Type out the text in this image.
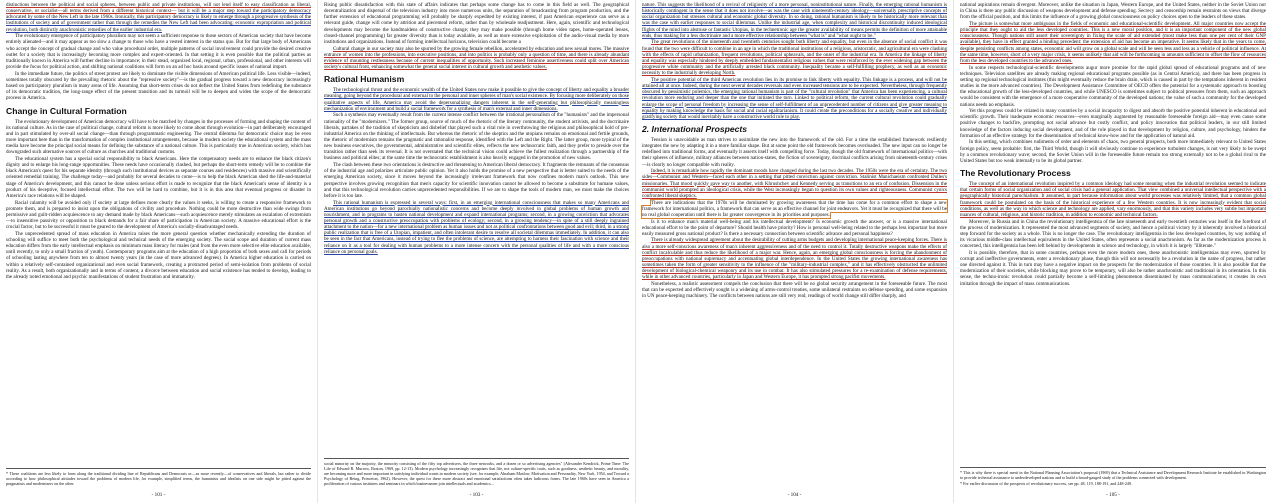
distinctions between the political and social spheres, between public and private institutions, will not lend itself to easy classification as liberal, conservative, or socialist—all terms derived from a different historical context— but it will be a major step toward the participatory democracy advocated by some of the New Left in the late 1960s. Ironically, this participatory democracy is likely to emerge through a progressive synthesis of the institutions of society and of government rather than through the remedies the New Left had been advocating: economic expropriation and political revolution, both distinctly anachronistic remedies of the earlier industrial era.

The evolutionary emergence of participatory pluralism may not seem a sufficient response to those sectors of American society that have become entirely alienated—and it may appear as too slow a change to those who have a vested interest in the status quo. But for that large body of Americans who accept the concept of gradual change and who value procedural order, multiple patterns of social involvement could provide the desired creative outlet for a society that is increasingly becoming more complex and expert-oriented. In that setting it is even possible that the political parties as traditionally known in America will further decline in importance; in their stead, organized local, regional, urban, professional, and other interests will provide the focus for political action, and shifting national coalitions will form on an ad hoc basis around specific issues of national import.

In the immediate future, the politics of street protest are likely to dominate the visible dimensions of American political life. Less visible—indeed, sometimes totally obscured by the prevailing rhetoric about the "repressive society"—is the gradual progress toward a new democracy increasingly based on participatory pluralism in many areas of life. Assuming that short-term crises do not deflect the United States from redefining the substance of its democratic tradition, the long-range effect of the present transition and its turmoil will be to deepen and widen the scope of the democratic process in America.

Change in Cultural Formation

The evolutionary development of American democracy will have to be matched by changes in the processes of forming and shaping the content of its national culture. As in the case of political change, cultural reform is more likely to come about through evolution—in part deliberately encouraged and in part stimulated by over-all social change—than through programmatic engineering. The central dilemma for democratic choice may be even more important here than in the transformation of complex institutional arrangements, because in modern society the educational system and the mass media have become the principal social means for defining the substance of a national culture. This is particularly true in American society, which has downgraded such alternative sources of culture as churches and traditional customs.

The educational system has a special social responsibility to black Americans. Here the compensatory needs are to enhance the black citizen's dignity and to enlarge his long-range opportunities. These needs have occasionally clashed, but perhaps the short-term remedy will be to combine the black American's quest for his separate identity (through such institutional devices as separate courses and residences) with massive and scientifically oriented remedial training. The challenge today—and probably for several decades to come—is to help the black American shed the life-and-material stage of America's development, and this cannot be done unless serious effort is made to recognize that the black American's sense of identity is a product of his deceptive, focused intellectual effort. The two will be hard to combine, but it is in this area that eventual progress or disaster in America's race relations will be shaped.

Racial calamity will be avoided only if society at large defines more clearly the values it seeks, is willing to create a responsive framework to promote them, and is prepared to insist upon the obligations of civility and procedure. Nothing could be more destructive than wide swings from permissive and guilt-ridden acquiescence to any demand made by black Americans—such acquiescence merely stimulates an escalation of extremism—to insensitive passivity or opposition to black demands for a fair share of participation in American society. A massive educational effort is the crucial factor, but to be successful it must be geared to the development of America's socially-disadvantaged needs.

The unprecedented spread of mass education in America raises the more general question whether mechanically extending the duration of schooling will suffice to meet both the psychological and technical needs of the emerging society. The social scope and duration of current mass education differs from the early intellectual emphasis on minimum mass literacy for males (and from the even more selective elite education available, until recently, to only a small fraction of youth). Contemporary programs aim at the education of a high proportion of both sexes and call for periods of schooling lasting anywhere from ten to almost twenty years (in the case of more advanced degrees). In America higher education is carried on within a relatively self-contained organizational and even social framework, creating a protracted period of semi-isolation from problems of social reality. As a result, both organizationally and in terms of content, a divorce between education and social existence has tended to develop, leading to the already noted emotional and psychic manifestations of student frustration and immaturity.

* These coalitions are less likely to form along the traditional dividing line of Republicans and Democrats or—as more recently—of conservatives and liberals, but rather to divide according to how philosophical attitudes toward the problems of modern life, for example, simplified terms, the humanists and idealists on one side might be pitted against the pragmatists and modernizers on the other.

- 101 -

Rising public dissatisfaction with this state of affairs indicates that perhaps some change has to come in this field as well. The geographical decentralization and dispersal of the television industry into more numerous units, the separation of broadcasting from program production, and the further extension of educational programming will probably be sharply expedited by existing interest, if past American experience can serve as a relevant guide, change will come by attrition and piecemeal reform, rather than by wholesale readjustment. Here, again, scientific and technological developments may become the handmaidens of constructive change; they may make possible (through home video tapes, home-operated lenses, closed-channel programming) far greater diversity than is today available, as well as more extensive exploitation of the audio-visual media by more institutions and organizations. Instead of forming intellectual horizons, television could become a

Cultural change in our society may also be spurred by the growing female rebellion, accelerated by education and new sexual mores. The massive entrance of women into the professions, into executive positions, and into politics is probably only a question of time, and there is already abundant evidence of mounting restlessness because of current inequalities of opportunity. Such increased feminine assertiveness could split over American society's cultural front, enhancing somewhat the general social interest in cultural growth and aesthetic values.

Rational Humanism

The technological thrust and the economic wealth of the United States now make it possible to give the concept of liberty and equality a broader meaning, going beyond the procedural and external to the personal and inner spheres of man's social existence. By focusing more deliberately on those qualitative aspects of life, America may avoid the depersonalizing dangers inherent in the self-generating but philosophically meaningless mechanization of environment and build a social framework for a synthesis of man's external and inner dimensions.

Such a synthesis may eventually result from the current intense conflict between the irrational personalism of the "humanists" and the impersonal rationality of the "modernizers." The former group, source of much of the rhetoric of the literary community, the student activists, and the doctrinaire liberals, partakes of the tradition of skepticism and disbelief that played such a vital role in overthrowing the religious and philosophical hold of pre-industrial America on the thinking of intellectuals. But whereas the rhetoric of the skeptics and the utopians remains on emotional and fertile grounds, the rhetoric of modernism remains the pragmatic and rationalist response, identified with the Left and the Right. The latter group, more typical of the new business executives, the governmental, administrative and scientific elites, reflects the new technocratic faith, and they prefer to preside over the transition rather than seek its reversal. It is not overstated that the technical vision could achieve the fullest realization through a partnership of the business and political elites; at the same time the technocratic establishment is also heavily engaged in the promotion of new values.

The clash between these two orientations is destructive and threatening to American liberal democracy. It fragments the remnants of the consensus of the industrial age and polarizes articulate public opinion. Yet it also holds the promise of a new perspective that is better suited to the needs of the emerging American society, since it moves beyond the increasingly irrelevant framework that now confines modern man's outlook. This new perspective involves growing recognition that men's capacity for scientific innovation cannot be allowed to become a substitute for humane values, and that this technological revolution carries unprecedented responsibilities. If we are to shape the tools of modern man, we must make the choices before it is too late.

This rational humanism is expressed in several ways: first, in an emerging international consciousness that makes so many Americans and American institutions go beyond parochially nationalistic concerns and become deeply involved in global problems of human growth and nourishment, and in programs to hasten national development and expand international programs; second, in a growing conviction that advocates personal growth and a constructive preoccupation with problems of ecology; second, in a growing tendency—in spite of a still deeply ingrained attachment to the nation—for a new international problem as human issues and not as political confrontations between good and evil; third, in a strong public realization that is free of a Utopian, impatient, and often intolerant desire to resolve all societal dilemmas immediately. In addition, it can also be seen in the fact that Americans, instead of trying to flee the problems of science, are attempting to harness their fascination with science and their reliance on it as a tool for dealing with human problems to a more intense concern with the personal qualities of life and with a more conscious reliance on personal goals.

social minority on the majority, the minority consisting of the fifty top advertisers, the three networks, and a dozen or so advertising agencies" (Alexander Kendrick, Prime Time: The Life of Edward R. Murrow, Boston, 1969, pp. 12-13). Modern psychology increasingly recognizes that life, not culture-specific traits, such as goodness, aesthetic beauty, and morality, are becoming more and more important in satisfying individual wants in modern society (see, for example, Abraham Maslow, Motivation and Personality, New York, 1954, and Toward a Psychology of Being, Princeton, 1962). However, the quest for these more abstract and emotional satisfactions often takes ludicrous forms. The late 1960s have seen in America a proliferation of various institutes and seminars in which businessmen join intellectuals and academics...

- 103 -

nature. This suggests the likelihood of a revival of religiosity of a more personal, noninstitutional nature. Finally, the emerging rational humanism is historically contingent in the sense that it does not involve—as was the case with nineteenth-century ideology—universally prescriptive concepts of social organization but stresses cultural and economic global diversity. In so doing, rational humanism is likely to be historically more relevant than was the case with earlier responses to social dilemmas. Unlike the industrial age, when complexity and historical discontinuity induced ideological flights of the mind into abstruse or fantastic Utopias, in the technetronic age the greater availability of means permits the definition of more attainable ends, thus making for a less doctrinaire and a more effective relationship between "what is" and "what ought to be."

The great revolutions of the nineteenth and twentieth centuries sought both liberty and equality, but even in the absence of social conflict it was found that the two were difficult to combine in an age in which the traditional institutions of a religious, aristocratic, and agricultural era were clashing with the effects of rapid urbanization, frequent revolutions, political upheavals, and the onset of the industrial era. In America the linkage of liberty and equality was especially hindered by deeply embedded fundamentalist religious values that were reinforced by the ever widening gap between the progressive white community and the artificially arrested black community. Inequality became a self-fulfilling prophecy, as well as an economic necessity to the industrially developing North.

The positive potential of the third American revolution lies in its promise to link liberty with equality. This linkage is a process, and will not be attained all at once. Indeed, during the next several decades reversals and even increased tensions are to be expected. Nevertheless, through frequently obscured by pessimistic polemics, the emerging rational humanism is part of the "cultural revolution" that America has been experiencing, a cultural revolution more enduring and deeper than the one that initiated the turn. Linked to political reform, the current cultural revolution could gradually enlarge the scope of personal freedom by increasing the sense of self-fulfillment of an unprecedented number of citizens and give greater meaning to equality by making knowledge the basis for social and racial egalitarianism. It could create the preconditions for a socially creative and individually gratifying society that would inevitably have a constructive world role to play.

2. International Prospects

Tension is unavoidable as man strives to assimilate the new into the framework of the old. For a time the established framework resiliently integrates the new by adapting it in a more familiar shape. But at some point the old framework becomes overloaded. The new input can no longer be redefined into traditional forms, and eventually it asserts itself with compelling force. Today, though the old framework of international politics—with their spheres of influence, military alliances between nation-states, the fiction of sovereignty, doctrinal conflicts arising from nineteenth-century crises—is clearly no longer compatible with reality.

Indeed, it is remarkable how rapidly the dominant moods have changed during the last two decades. The 1950s were the era of certainty. The two sides—Communist and Western—faced each other in a setting that pitted conviction against conviction. Stalinist Manichaeism confronted Dulles's missionaries. That mood quickly gave way to another, with Khrushchev and Kennedy serving as transitions to an era of confusion. Dissension in the communist world prompted an ideological crisis, while the West increasingly began to question its own values and righteousness. Communist cynics confronted liberal skeptics.

There are indications that the 1970s will be dominated by growing awareness that the time has come for a common effort to shape a new framework for international politics, a framework that can serve as an effective channel for joint endeavors. Yet it must be recognized that there will be no real global cooperation until there is far greater convergence in its priorities and purposes.

Is it to enhance man's material well-being and his intellectual development? Is economic growth the answer, or is a massive international educational effort to be the point of departure? Should health have priority? How is personal well-being related to the perhaps less important but more easily measured gross national product? Is there a necessary connection between scientific advance and personal happiness?

There is already widespread agreement about the desirability of cutting arms budgets and developing international peace-keeping forces. There is also a more self-conscious awareness of man's inherent aggressiveness and of the need to control it. Totally destructive weapons make the effects of conflict incalculable and thus reduce the likelihood of a major war. Hence, again, an emerging global consciousness is forcing the abandonment of preoccupations with national supremacy and accentuating global interdependence. In the United States the growing international awareness has sometimes taken the form of greater sensitivity to the influence of the "military-industrial complex," and it has effectively obstructed the unlimited development of biological-chemical weaponry and its use in combat. It has also stimulated pressures for a re-examination of defense requirements, while in other advanced countries, particularly in Japan and Western Europe, it has prompted strong pacifist movements.

Nonetheless, a realistic assessment compels the conclusion that there will be no global security arrangement in the foreseeable future. The most that can be expected and effectively sought is a widening of arms-control treaties, some unilateral restraints on defense spending, and some expansion in UN peace-keeping machinery. The conflicts between nations are still very real; readings of world change still differ sharply, and

- 104 -

national aspirations remain divergent. Moreover, unlike the situation in Japan, Western Europe, and the United States, neither in the Soviet Union nor in China is there any public discussion of weapons development and defense spending. Secrecy and censorship remain restraints on views that diverge from the official position, and this limits the influence of a growing global consciousness on policy choices open to the leaders of these states.

The picture is somewhat more ambiguous in the fields of economic and educational-scientific development. All major countries now accept the principle that they ought to aid the less developed countries. This is a new moral position, and it is an important component of the new global consciousness. Though nations still assert their sovereignty in fixing the scale of aid extended (most make less than one per cent of their GNP available), they have in effect granted a binding precedent: the extension of aid has become an imperative. It seems likely that in the years to come, despite persisting conflicts among states, economic aid will grow on a global scale and will be seen less and less as a vehicle of political influence. At the same time, however, short of a very major crisis, it seems unlikely that aid will be forthcoming in amounts sufficient to offset the flow of resources from the less developed countries to the advanced ones.

In some respects technological-scientific developments augur more promise for the rapid global spread of educational programs and of new techniques. Television satellites are already making regional educational programs possible (as in Central America), and there has been progress in setting up regional technological institutes (this might eventually reduce the brain drain, which is caused in part by the temptations inherent in resident studies in the more advanced countries). The Development Assistance Committee of OECD offers the potential for a systematic approach to boosting the educational growth of the less-developed countries, and while UNESCO is sometimes subject to political pressures from them, such an approach would be consistent with the emergence of a more cooperative community of the developed nations; the value of such a community for the developed nations needs no emphasis.

Yet this progress could be vitiated in many countries by a social incapacity to digest and absorb the positive potential inherent in educational and scientific growth. Their inadequate economic resources—even marginally augmented by reasonable foreseeable foreign aid—may even cause some positive changes to backfire, prompting not social advance but costly conflict, and policy innovation that political leaders, in our still limited knowledge of the factors inducing social development, and of the role played in that development by religion, culture, and psychology, hinders the formation of an effective strategy for the dissemination of technical know-how and for the application of natural aid.

In this setting, which combines rudiments of order and elements of chaos, two general prospects, both more immediately relevant to United States foreign policy, seem probable: first, the Third World, though it will obviously continue to experience turbulent changes, is not very likely to be swept by a common revolutionary wave; second, the Soviet Union will in the foreseeable future remain too strong externally not to be a global rival to the United States but too weak internally to be its global partner.

The Revolutionary Process

The concept of an international revolution inspired by a common ideology had some meaning when the industrial revolution seemed to indicate that certain forms of social organization and of social crisis had a general application. That view combined a universal intellectual perspective with a geographically historical parochialism. It assumed, in part because information about world processes was relatively limited, that a common global framework could be postulated on the basis of the historical experience of a few Western countries. It is now increasingly evident that social conditions, as well as the way in which science and technology are applied, vary enormously, and that this variety includes very subtle but important nuances of cultural, religious, and historic tradition, in addition to economic and technical factors.

Moreover, in Russia and in China the revolutionary intelligentsia of the late nineteenth and early twentieth centuries was itself in the forefront of the process of modernization. It represented the most advanced segments of society, and hence a political victory by it inherently involved a historical step forward for the society as a whole. This is no longer the case. The revolutionary intelligentsia in the less developed countries, by way nothing of its vicarious middle-class intellectual equivalents in the United States, often represents a social anachronism. As far as the modernization process is concerned, this intelligentsia has been left behind by developments in science and technology, in which it is largely "illiterate."

It is possible, therefore, that in some countries, perhaps even the more modern ones, these anachronistic intelligentsias may even, spurred by corrupt and ineffective governments, enter a revolutionary phase, though this will not necessarily be a revolution in the name of progress, but rather one directed against it. This in turn may have a negative impact on the prospects for the modernization of those countries. It is also possible that the modernization of their societies, while blocking may prove to be temporary, will also be rather anachronistic and traditional in its orientation. In this sense, the techno-ironic revolution could partially become a self-limiting phenomenon disseminated by mass communications; it creates its own imitation through the impact of mass communications.

* This is why there is special merit in the National Planning Association's proposal (1969) that a Technical Assistance and Development Research Institute be established in Washington to provide technical assistance to underdeveloped nations and to build a broad-gauged study of the problems connected with development.

* For earlier discussion of the prospects of revolutionary success, see pp. 48, 119, 188-191, and 248-249.

- 105 -
